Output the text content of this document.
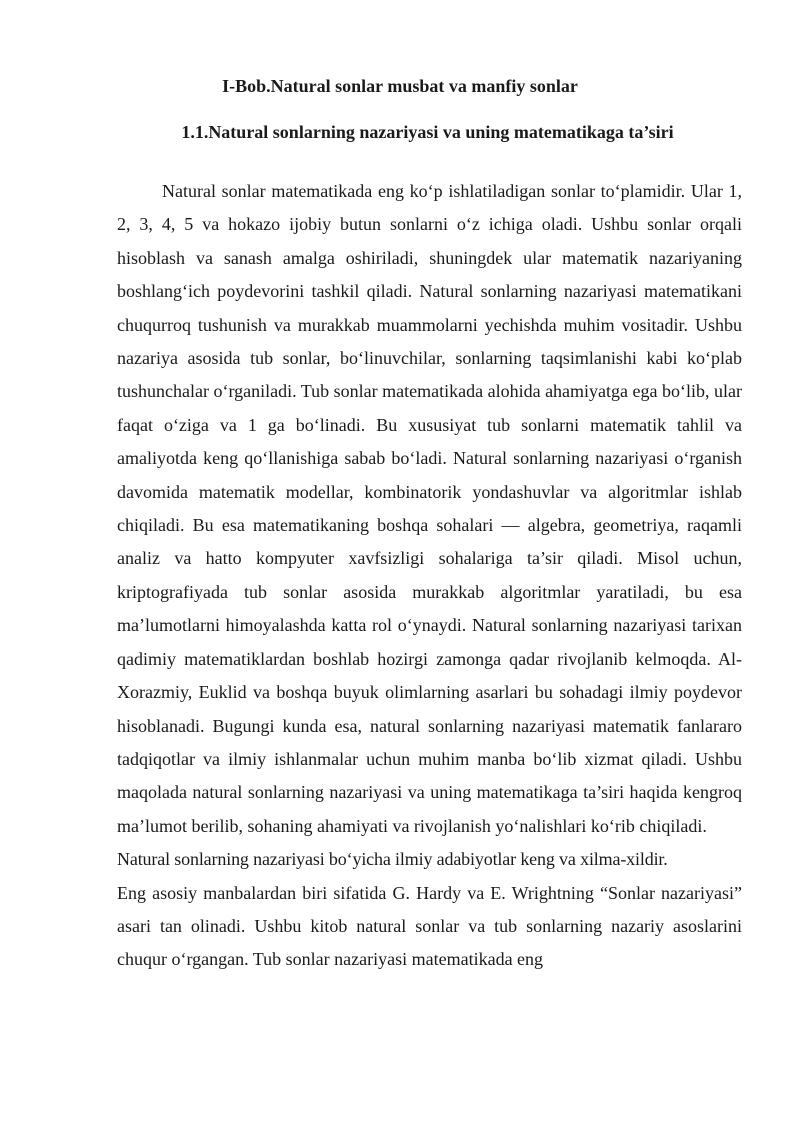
I-Bob.Natural sonlar musbat va manfiy sonlar
1.1.Natural sonlarning nazariyasi va uning matematikaga ta’siri

Natural sonlar matematikada eng ko‘p ishlatiladigan sonlar to‘plamidir. Ular 1, 2, 3, 4, 5 va hokazo ijobiy butun sonlarni o‘z ichiga oladi. Ushbu sonlar orqali hisoblash va sanash amalga oshiriladi, shuningdek ular matematik nazariyaning boshlang‘ich poydevorini tashkil qiladi. Natural sonlarning nazariyasi matematikani chuqurroq tushunish va murakkab muammolarni yechishda muhim vositadir. Ushbu nazariya asosida tub sonlar, bo‘linuvchilar, sonlarning taqsimlanishi kabi ko‘plab tushunchalar o‘rganiladi. Tub sonlar matematikada alohida ahamiyatga ega bo‘lib, ular faqat o‘ziga va 1 ga bo‘linadi. Bu xususiyat tub sonlarni matematik tahlil va amaliyotda keng qo‘llanishiga sabab bo‘ladi. Natural sonlarning nazariyasi o‘rganish davomida matematik modellar, kombinatorik yondashuvlar va algoritmlar ishlab chiqiladi. Bu esa matematikaning boshqa sohalari — algebra, geometriya, raqamli analiz va hatto kompyuter xavfsizligi sohalariga ta’sir qiladi. Misol uchun, kriptografiyada tub sonlar asosida murakkab algoritmlar yaratiladi, bu esa ma’lumotlarni himoyalashda katta rol o‘ynaydi. Natural sonlarning nazariyasi tarixan qadimiy matematiklardan boshlab hozirgi zamonga qadar rivojlanib kelmoqda. Al-Xorazmiy, Euklid va boshqa buyuk olimlarning asarlari bu sohadagi ilmiy poydevor hisoblanadi. Bugungi kunda esa, natural sonlarning nazariyasi matematik fanlararo tadqiqotlar va ilmiy ishlanmalar uchun muhim manba bo‘lib xizmat qiladi. Ushbu maqolada natural sonlarning nazariyasi va uning matematikaga ta’siri haqida kengroq ma’lumot berilib, sohaning ahamiyati va rivojlanish yo‘nalishlari ko‘rib chiqiladi.

Natural sonlarning nazariyasi bo‘yicha ilmiy adabiyotlar keng va xilma-xildir.

Eng asosiy manbalardan biri sifatida G. Hardy va E. Wrightning “Sonlar nazariyasi” asari tan olinadi. Ushbu kitob natural sonlar va tub sonlarning nazariy asoslarini chuqur o‘rgangan. Tub sonlar nazariyasi matematikada eng
